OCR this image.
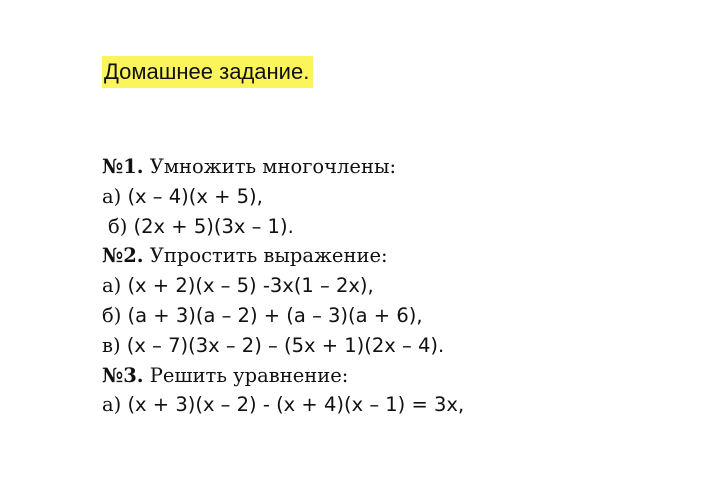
Домашнее задание.
№1. Умножить многочлены:
а) (x – 4)(x + 5),
б) (2x + 5)(3x – 1).
№2. Упростить выражение:
а) (x + 2)(x – 5) -3x(1 – 2x),
б) (a + 3)(a – 2) + (a – 3)(a + 6),
в) (x – 7)(3x – 2) – (5x + 1)(2x – 4).
№3. Решить уравнение:
а) (x + 3)(x – 2) - (x + 4)(x – 1) = 3x,
